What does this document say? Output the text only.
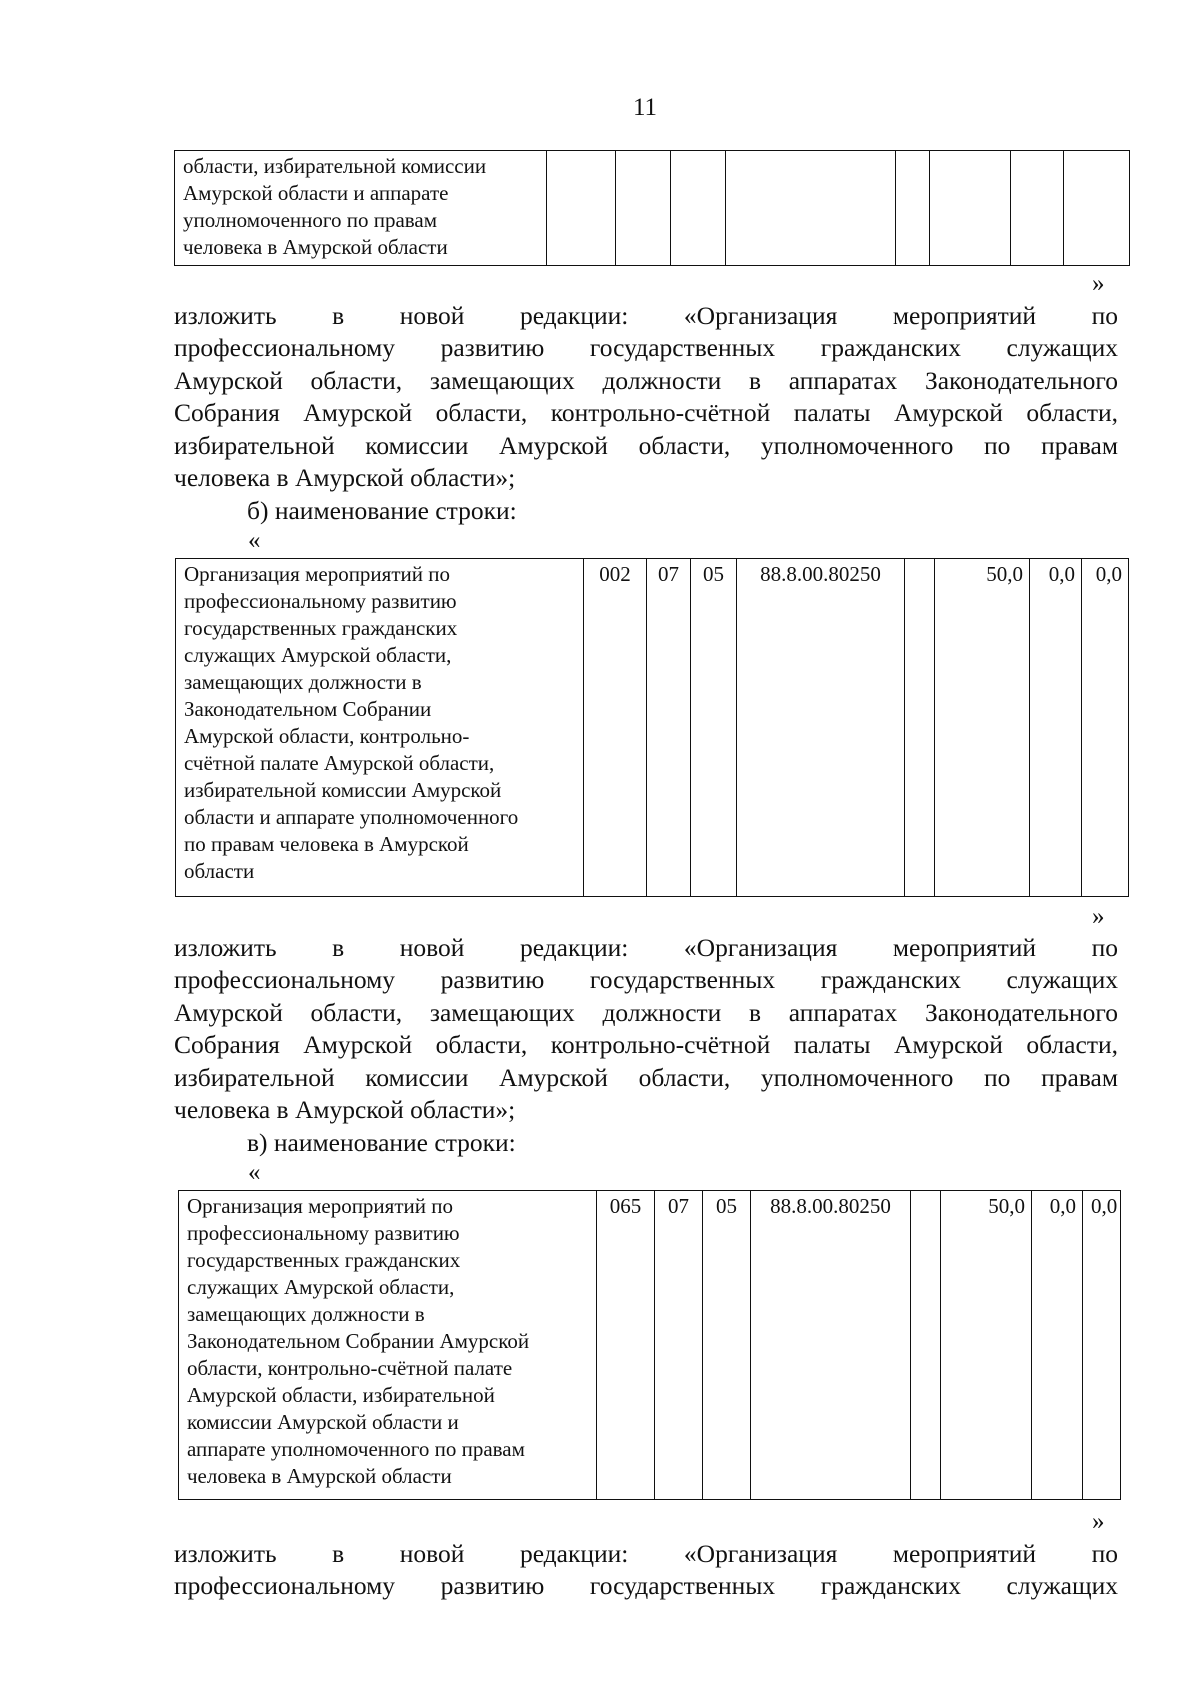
11
области, избирательной комиссии
Амурской области и аппарате
уполномоченного по правам
человека в Амурской области

»
изложить в новой редакции: «Организация мероприятий по
профессиональному развитию государственных гражданских служащих
Амурской области, замещающих должности в аппаратах Законодательного
Собрания Амурской области, контрольно-счётной палаты Амурской области,
избирательной комиссии Амурской области, уполномоченного по правам
человека в Амурской области»;
б) наименование строки:
«
Организация мероприятий по
профессиональному развитию
государственных гражданских
служащих Амурской области,
замещающих должности в
Законодательном Собрании
Амурской области, контрольно-
счётной палате Амурской области,
избирательной комиссии Амурской
области и аппарате уполномоченного
по правам человека в Амурской
области
	002	07	05	88.8.00.80250		50,0	0,0	0,0
»
изложить в новой редакции: «Организация мероприятий по
профессиональному развитию государственных гражданских служащих
Амурской области, замещающих должности в аппаратах Законодательного
Собрания Амурской области, контрольно-счётной палаты Амурской области,
избирательной комиссии Амурской области, уполномоченного по правам
человека в Амурской области»;
в) наименование строки:
«
Организация мероприятий по
профессиональному развитию
государственных гражданских
служащих Амурской области,
замещающих должности в
Законодательном Собрании Амурской
области, контрольно-счётной палате
Амурской области, избирательной
комиссии Амурской области и
аппарате уполномоченного по правам
человека в Амурской области
	065	07	05	88.8.00.80250		50,0	0,0	0,0
»
изложить в новой редакции: «Организация мероприятий по
профессиональному развитию государственных гражданских служащих
